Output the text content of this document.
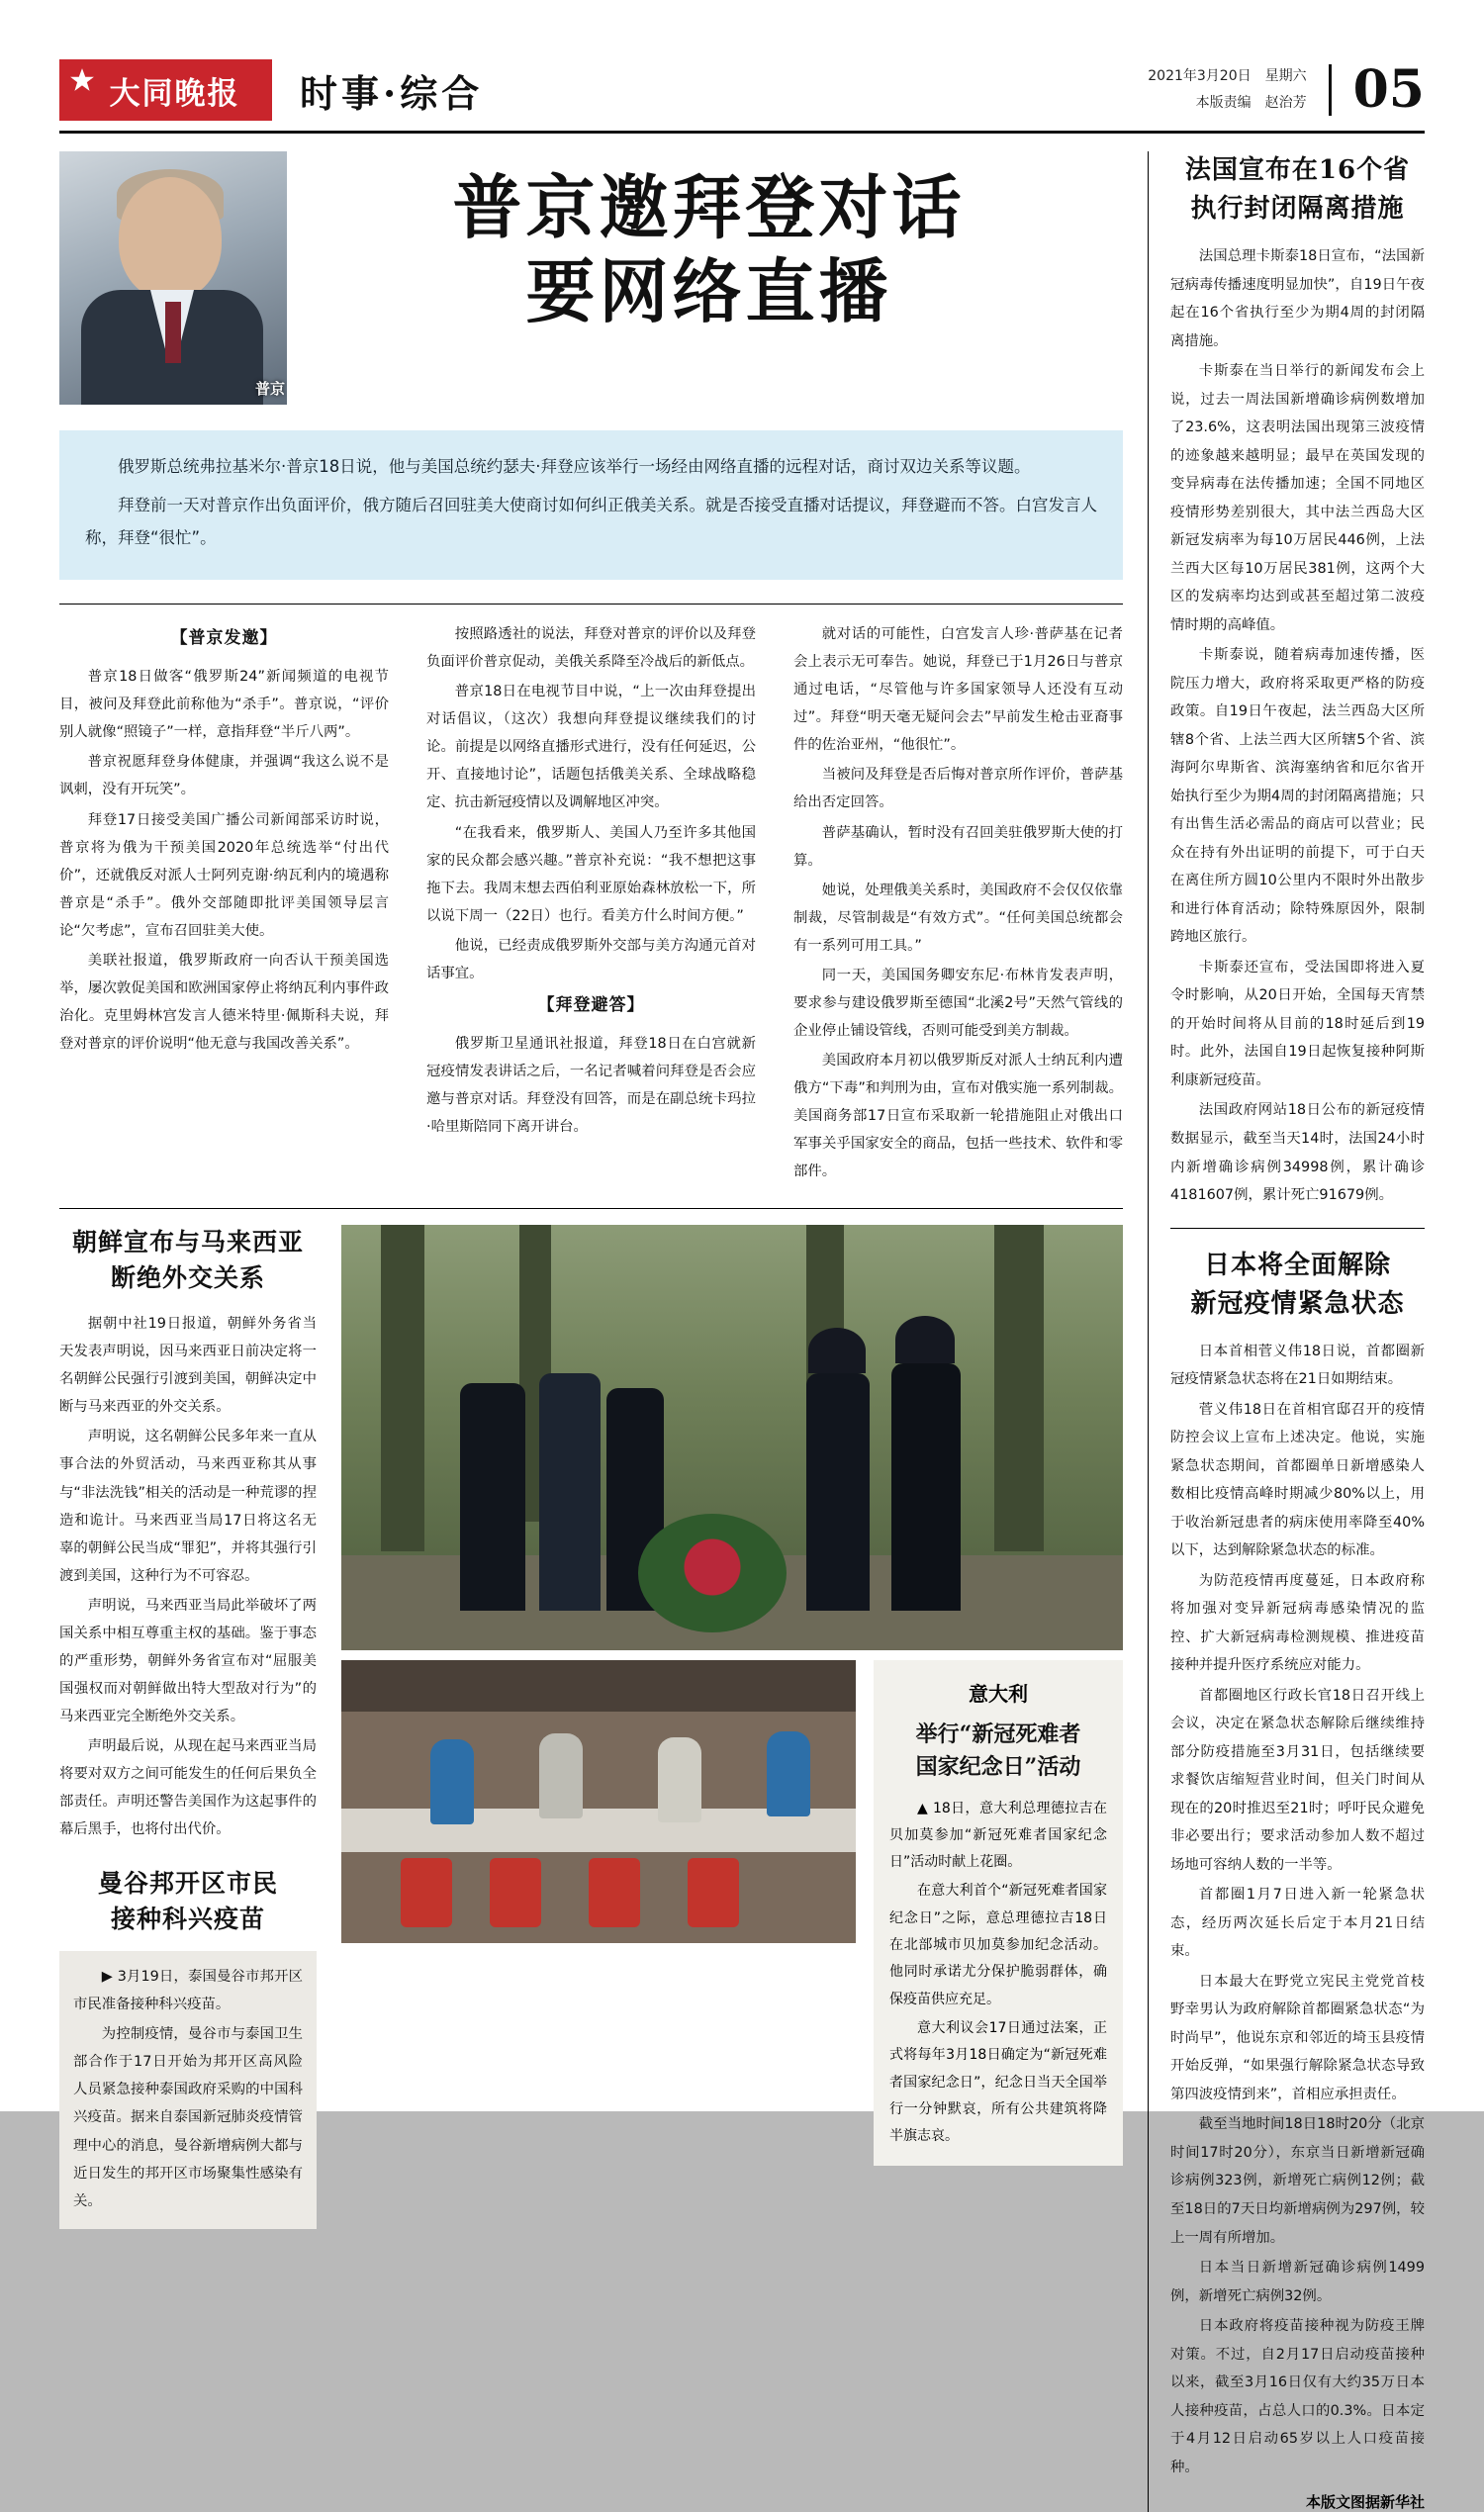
大同晚报	时事·综合	2021年3月20日　星期六
本版责编　赵治芳 05
普京
普京邀拜登对话
要网络直播

俄罗斯总统弗拉基米尔·普京18日说，他与美国总统约瑟夫·拜登应该举行一场经由网络直播的远程对话，商讨双边关系等议题。

拜登前一天对普京作出负面评价，俄方随后召回驻美大使商讨如何纠正俄美关系。就是否接受直播对话提议，拜登避而不答。白宫发言人称，拜登“很忙”。

【普京发邀】

普京18日做客“俄罗斯24”新闻频道的电视节目，被问及拜登此前称他为“杀手”。普京说，“评价别人就像“照镜子”一样，意指拜登“半斤八两”。

普京祝愿拜登身体健康，并强调“我这么说不是讽刺，没有开玩笑”。

拜登17日接受美国广播公司新闻部采访时说，普京将为俄为干预美国2020年总统选举“付出代价”，还就俄反对派人士阿列克谢·纳瓦利内的境遇称普京是“杀手”。俄外交部随即批评美国领导层言论“欠考虑”，宣布召回驻美大使。

美联社报道，俄罗斯政府一向否认干预美国选举，屡次敦促美国和欧洲国家停止将纳瓦利内事件政治化。克里姆林宫发言人德米特里·佩斯科夫说，拜登对普京的评价说明“他无意与我国改善关系”。

按照路透社的说法，拜登对普京的评价以及拜登负面评价普京促动，美俄关系降至冷战后的新低点。

普京18日在电视节目中说，“上一次由拜登提出对话倡议，（这次）我想向拜登提议继续我们的讨论。前提是以网络直播形式进行，没有任何延迟，公开、直接地讨论”，话题包括俄美关系、全球战略稳定、抗击新冠疫情以及调解地区冲突。

“在我看来，俄罗斯人、美国人乃至许多其他国家的民众都会感兴趣。”普京补充说：“我不想把这事拖下去。我周末想去西伯利亚原始森林放松一下，所以说下周一（22日）也行。看美方什么时间方便。”

他说，已经责成俄罗斯外交部与美方沟通元首对话事宜。

【拜登避答】

俄罗斯卫星通讯社报道，拜登18日在白宫就新冠疫情发表讲话之后，一名记者喊着问拜登是否会应邀与普京对话。拜登没有回答，而是在副总统卡玛拉·哈里斯陪同下离开讲台。

就对话的可能性，白宫发言人珍·普萨基在记者会上表示无可奉告。她说，拜登已于1月26日与普京通过电话，“尽管他与许多国家领导人还没有互动过”。拜登“明天毫无疑问会去”早前发生枪击亚裔事件的佐治亚州，“他很忙”。

当被问及拜登是否后悔对普京所作评价，普萨基给出否定回答。

普萨基确认，暂时没有召回美驻俄罗斯大使的打算。

她说，处理俄美关系时，美国政府不会仅仅依靠制裁，尽管制裁是“有效方式”。“任何美国总统都会有一系列可用工具。”

同一天，美国国务卿安东尼·布林肯发表声明，要求参与建设俄罗斯至德国“北溪2号”天然气管线的企业停止铺设管线，否则可能受到美方制裁。

美国政府本月初以俄罗斯反对派人士纳瓦利内遭俄方“下毒”和判刑为由，宣布对俄实施一系列制裁。美国商务部17日宣布采取新一轮措施阻止对俄出口军事关乎国家安全的商品，包括一些技术、软件和零部件。

朝鲜宣布与马来西亚
断绝外交关系

据朝中社19日报道，朝鲜外务省当天发表声明说，因马来西亚日前决定将一名朝鲜公民强行引渡到美国，朝鲜决定中断与马来西亚的外交关系。

声明说，这名朝鲜公民多年来一直从事合法的外贸活动，马来西亚称其从事与“非法洗钱”相关的活动是一种荒谬的捏造和诡计。马来西亚当局17日将这名无辜的朝鲜公民当成“罪犯”，并将其强行引渡到美国，这种行为不可容忍。

声明说，马来西亚当局此举破坏了两国关系中相互尊重主权的基础。鉴于事态的严重形势，朝鲜外务省宣布对“屈服美国强权而对朝鲜做出特大型敌对行为”的马来西亚完全断绝外交关系。

声明最后说，从现在起马来西亚当局将要对双方之间可能发生的任何后果负全部责任。声明还警告美国作为这起事件的幕后黑手，也将付出代价。

曼谷邦开区市民
接种科兴疫苗

▶ 3月19日，泰国曼谷市邦开区市民准备接种科兴疫苗。

为控制疫情，曼谷市与泰国卫生部合作于17日开始为邦开区高风险人员紧急接种泰国政府采购的中国科兴疫苗。据来自泰国新冠肺炎疫情管理中心的消息，曼谷新增病例大都与近日发生的邦开区市场聚集性感染有关。

意大利
举行“新冠死难者
国家纪念日”活动

▲ 18日，意大利总理德拉吉在贝加莫参加“新冠死难者国家纪念日”活动时献上花圈。

在意大利首个“新冠死难者国家纪念日”之际，意总理德拉吉18日在北部城市贝加莫参加纪念活动。他同时承诺尤分保护脆弱群体，确保疫苗供应充足。

意大利议会17日通过法案，正式将每年3月18日确定为“新冠死难者国家纪念日”，纪念日当天全国举行一分钟默哀，所有公共建筑将降半旗志哀。

法国宣布在16个省
执行封闭隔离措施

法国总理卡斯泰18日宣布，“法国新冠病毒传播速度明显加快”，自19日午夜起在16个省执行至少为期4周的封闭隔离措施。

卡斯泰在当日举行的新闻发布会上说，过去一周法国新增确诊病例数增加了23.6%，这表明法国出现第三波疫情的迹象越来越明显；最早在英国发现的变异病毒在法传播加速；全国不同地区疫情形势差别很大，其中法兰西岛大区新冠发病率为每10万居民446例，上法兰西大区每10万居民381例，这两个大区的发病率均达到或甚至超过第二波疫情时期的高峰值。

卡斯泰说，随着病毒加速传播，医院压力增大，政府将采取更严格的防疫政策。自19日午夜起，法兰西岛大区所辖8个省、上法兰西大区所辖5个省、滨海阿尔卑斯省、滨海塞纳省和厄尔省开始执行至少为期4周的封闭隔离措施；只有出售生活必需品的商店可以营业；民众在持有外出证明的前提下，可于白天在离住所方圆10公里内不限时外出散步和进行体育活动；除特殊原因外，限制跨地区旅行。

卡斯泰还宣布，受法国即将进入夏令时影响，从20日开始，全国每天宵禁的开始时间将从目前的18时延后到19时。此外，法国自19日起恢复接种阿斯利康新冠疫苗。

法国政府网站18日公布的新冠疫情数据显示，截至当天14时，法国24小时内新增确诊病例34998例，累计确诊4181607例，累计死亡91679例。

日本将全面解除
新冠疫情紧急状态

日本首相菅义伟18日说，首都圈新冠疫情紧急状态将在21日如期结束。

菅义伟18日在首相官邸召开的疫情防控会议上宣布上述决定。他说，实施紧急状态期间，首都圈单日新增感染人数相比疫情高峰时期减少80%以上，用于收治新冠患者的病床使用率降至40%以下，达到解除紧急状态的标准。

为防范疫情再度蔓延，日本政府称将加强对变异新冠病毒感染情况的监控、扩大新冠病毒检测规模、推进疫苗接种并提升医疗系统应对能力。

首都圈地区行政长官18日召开线上会议，决定在紧急状态解除后继续维持部分防疫措施至3月31日，包括继续要求餐饮店缩短营业时间，但关门时间从现在的20时推迟至21时；呼吁民众避免非必要出行；要求活动参加人数不超过场地可容纳人数的一半等。

首都圈1月7日进入新一轮紧急状态，经历两次延长后定于本月21日结束。

日本最大在野党立宪民主党党首枝野幸男认为政府解除首都圈紧急状态“为时尚早”，他说东京和邻近的埼玉县疫情开始反弹，“如果强行解除紧急状态导致第四波疫情到来”，首相应承担责任。

截至当地时间18日18时20分（北京时间17时20分），东京当日新增新冠确诊病例323例，新增死亡病例12例；截至18日的7天日均新增病例为297例，较上一周有所增加。

日本当日新增新冠确诊病例1499例，新增死亡病例32例。

日本政府将疫苗接种视为防疫王牌对策。不过，自2月17日启动疫苗接种以来，截至3月16日仅有大约35万日本人接种疫苗，占总人口的0.3%。日本定于4月12日启动65岁以上人口疫苗接种。

本版文图据新华社
